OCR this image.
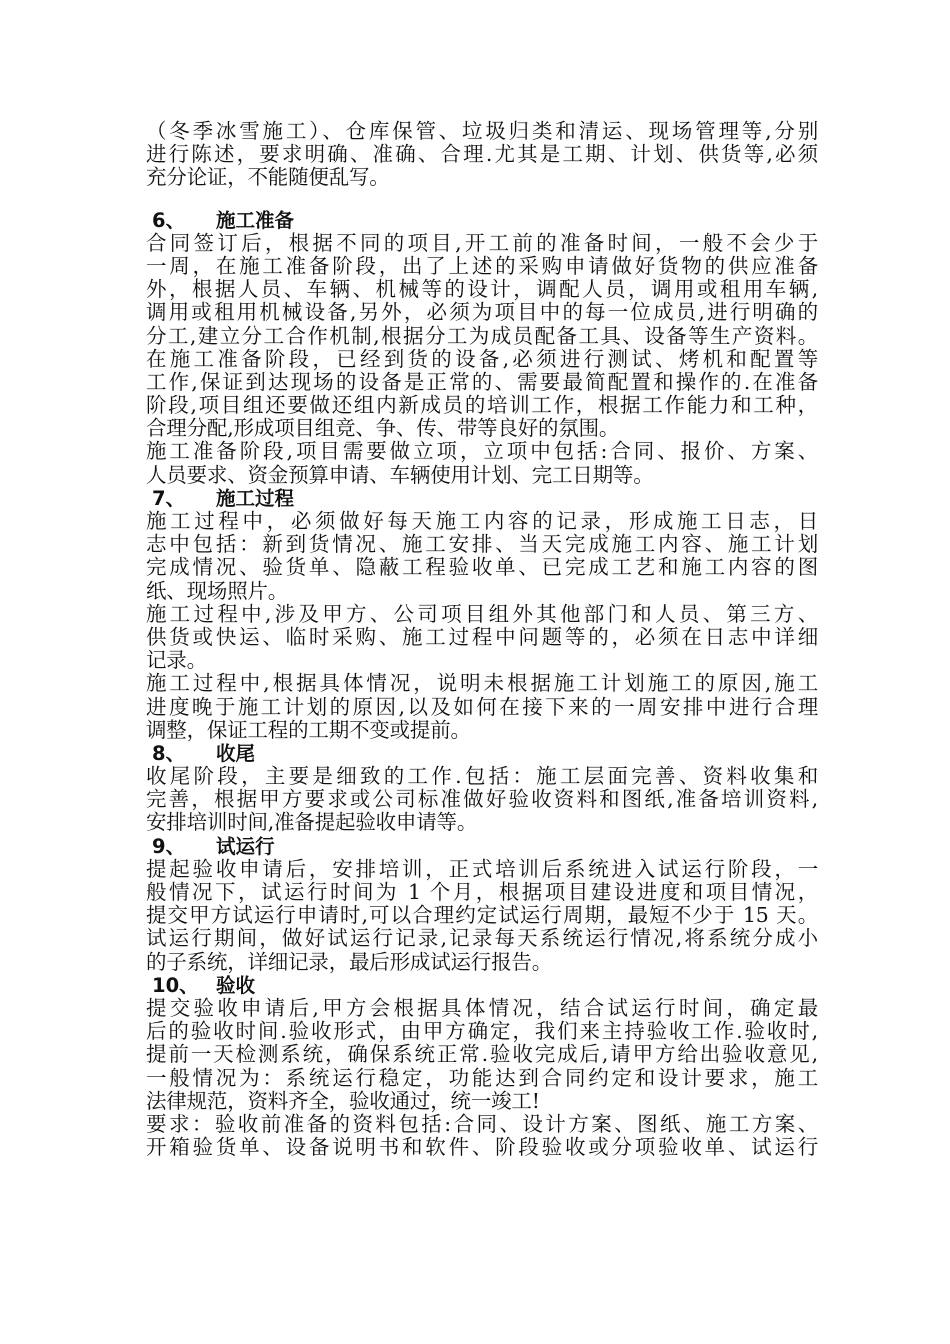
（冬季冰雪施工）、仓库保管、垃圾归类和清运、现场管理等,分别
进行陈述，要求明确、准确、合理.尤其是工期、计划、供货等,必须
充分论证，不能随便乱写。
6、	施工准备
合同签订后，根据不同的项目,开工前的准备时间，一般不会少于
一周，在施工准备阶段，出了上述的采购申请做好货物的供应准备
外，根据人员、车辆、机械等的设计，调配人员，调用或租用车辆,
调用或租用机械设备,另外，必须为项目中的每一位成员,进行明确的
分工,建立分工合作机制,根据分工为成员配备工具、设备等生产资料。
在施工准备阶段，已经到货的设备,必须进行测试、烤机和配置等
工作,保证到达现场的设备是正常的、需要最简配置和操作的.在准备
阶段,项目组还要做还组内新成员的培训工作，根据工作能力和工种，
合理分配,形成项目组竞、争、传、带等良好的氛围。
施工准备阶段,项目需要做立项，立项中包括:合同、报价、方案、
人员要求、资金预算申请、车辆使用计划、完工日期等。
7、	施工过程
施工过程中，必须做好每天施工内容的记录，形成施工日志，日
志中包括：新到货情况、施工安排、当天完成施工内容、施工计划
完成情况、验货单、隐蔽工程验收单、已完成工艺和施工内容的图
纸、现场照片。
施工过程中,涉及甲方、公司项目组外其他部门和人员、第三方、
供货或快运、临时采购、施工过程中问题等的，必须在日志中详细
记录。
施工过程中,根据具体情况，说明未根据施工计划施工的原因,施工
进度晚于施工计划的原因,以及如何在接下来的一周安排中进行合理
调整，保证工程的工期不变或提前。
8、	收尾
收尾阶段，主要是细致的工作.包括：施工层面完善、资料收集和
完善，根据甲方要求或公司标准做好验收资料和图纸,准备培训资料,
安排培训时间,准备提起验收申请等。
9、	试运行
提起验收申请后，安排培训，正式培训后系统进入试运行阶段，一
般情况下，试运行时间为 1 个月，根据项目建设进度和项目情况，
提交甲方试运行申请时,可以合理约定试运行周期，最短不少于 15 天。
试运行期间，做好试运行记录,记录每天系统运行情况,将系统分成小
的子系统，详细记录，最后形成试运行报告。
10、 验收
提交验收申请后,甲方会根据具体情况，结合试运行时间，确定最
后的验收时间.验收形式，由甲方确定，我们来主持验收工作.验收时,
提前一天检测系统，确保系统正常.验收完成后,请甲方给出验收意见,
一般情况为：系统运行稳定，功能达到合同约定和设计要求，施工
法律规范，资料齐全，验收通过，统一竣工!
要求：验收前准备的资料包括:合同、设计方案、图纸、施工方案、
开箱验货单、设备说明书和软件、阶段验收或分项验收单、试运行
